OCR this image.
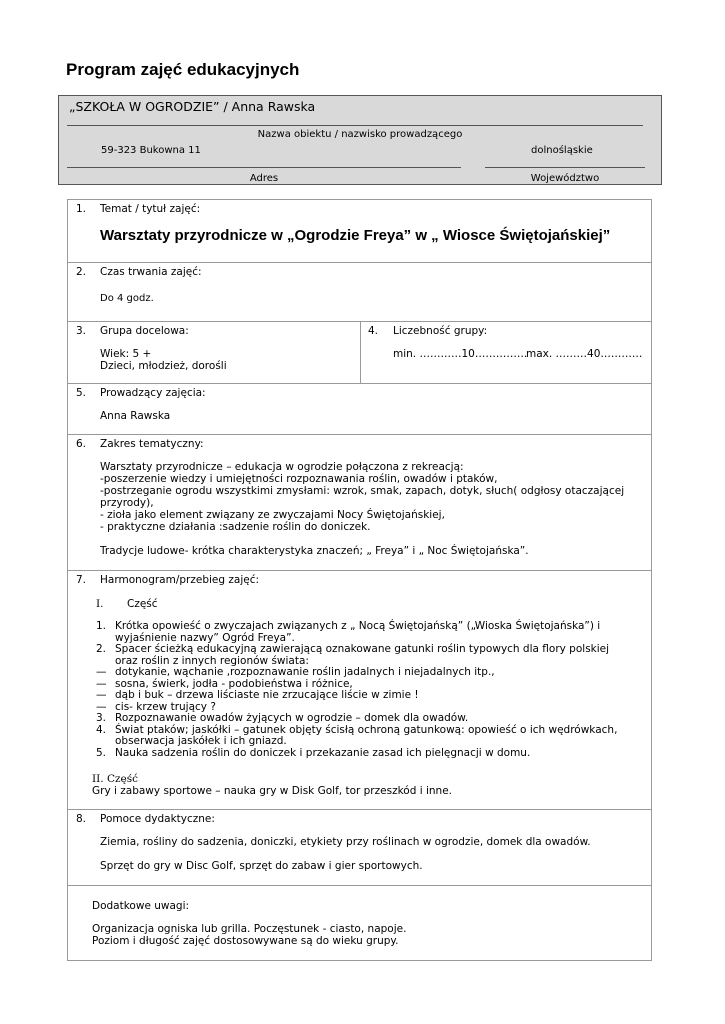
Program zajęć edukacyjnych
„SZKOŁA W OGRODZIE” / Anna Rawska
Nazwa obiektu / nazwisko prowadzącego
59-323 Bukowna 11	dolnośląskie
Adres	Województwo
1. Temat / tytuł zajęć:
Warsztaty przyrodnicze w „Ogrodzie Freya” w „ Wiosce Świętojańskiej”
2. Czas trwania zajęć:
Do 4 godz.
3. Grupa docelowa:
Wiek: 5 +
Dzieci, młodzież, dorośli
4. Liczebność grupy:
min. …………10……………
max. ………40…………
5. Prowadzący zajęcia:
Anna Rawska
6. Zakres tematyczny:
Warsztaty przyrodnicze – edukacja w ogrodzie połączona z rekreacją:
-poszerzenie wiedzy i umiejętności rozpoznawania roślin, owadów i ptaków,
-postrzeganie ogrodu wszystkimi zmysłami: wzrok, smak, zapach, dotyk, słuch( odgłosy otaczającej
przyrody),
- zioła jako element związany ze zwyczajami Nocy Świętojańskiej,
- praktyczne działania :sadzenie roślin do doniczek.
Tradycje ludowe- krótka charakterystyka znaczeń; „ Freya” i „ Noc Świętojańska”.
7. Harmonogram/przebieg zajęć:
I. Część
1. Krótka opowieść o zwyczajach związanych z „ Nocą Świętojańską” („Wioska Świętojańska”) i
wyjaśnienie nazwy” Ogród Freya”.
2. Spacer ścieżką edukacyjną zawierającą oznakowane gatunki roślin typowych dla flory polskiej
oraz roślin z innych regionów świata:
— dotykanie, wąchanie ,rozpoznawanie roślin jadalnych i niejadalnych itp.,
— sosna, świerk, jodła - podobieństwa i różnice,
— dąb i buk – drzewa liściaste nie zrzucające liście w zimie !
— cis- krzew trujący ?
3. Rozpoznawanie owadów żyjących w ogrodzie – domek dla owadów.
4. Świat ptaków; jaskółki – gatunek objęty ścisłą ochroną gatunkową: opowieść o ich wędrówkach,
obserwacja jaskółek i ich gniazd.
5. Nauka sadzenia roślin do doniczek i przekazanie zasad ich pielęgnacji w domu.
II. Część
Gry i zabawy sportowe – nauka gry w Disk Golf, tor przeszkód i inne.
8. Pomoce dydaktyczne:
Ziemia, rośliny do sadzenia, doniczki, etykiety przy roślinach w ogrodzie, domek dla owadów.
Sprzęt do gry w Disc Golf, sprzęt do zabaw i gier sportowych.
Dodatkowe uwagi:
Organizacja ogniska lub grilla. Poczęstunek - ciasto, napoje.
Poziom i długość zajęć dostosowywane są do wieku grupy.
